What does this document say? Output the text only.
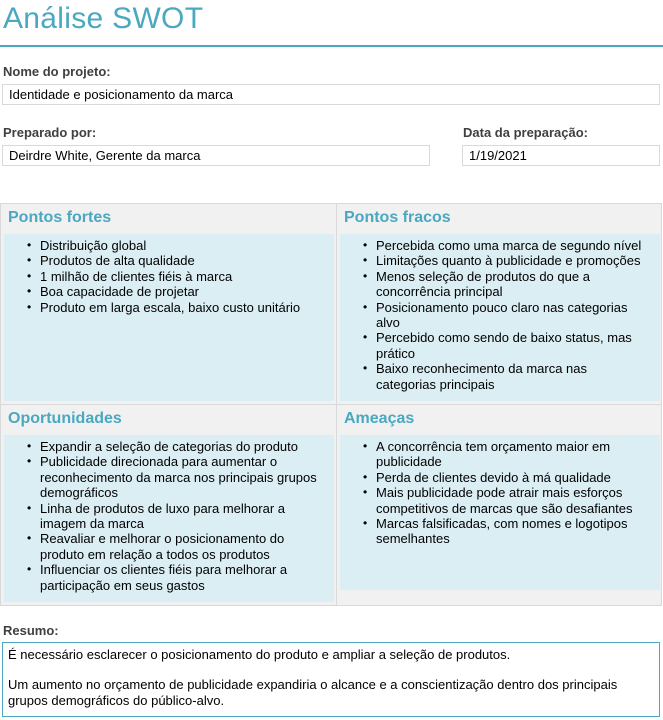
Análise SWOT
Nome do projeto:
Identidade e posicionamento da marca
Preparado por:
Deirdre White, Gerente da marca
Data da preparação:
1/19/2021
Pontos fortes
• Distribuição global
• Produtos de alta qualidade
• 1 milhão de clientes fiéis à marca
• Boa capacidade de projetar
• Produto em larga escala, baixo custo unitário
Pontos fracos
• Percebida como uma marca de segundo nível
• Limitações quanto à publicidade e promoções
• Menos seleção de produtos do que a concorrência principal
• Posicionamento pouco claro nas categorias alvo
• Percebido como sendo de baixo status, mas prático
• Baixo reconhecimento da marca nas categorias principais
Oportunidades
• Expandir a seleção de categorias do produto
• Publicidade direcionada para aumentar o reconhecimento da marca nos principais grupos demográficos
• Linha de produtos de luxo para melhorar a imagem da marca
• Reavaliar e melhorar o posicionamento do produto em relação a todos os produtos
• Influenciar os clientes fiéis para melhorar a participação em seus gastos
Ameaças
• A concorrência tem orçamento maior em publicidade
• Perda de clientes devido à má qualidade
• Mais publicidade pode atrair mais esforços competitivos de marcas que são desafiantes
• Marcas falsificadas, com nomes e logotipos semelhantes
Resumo:

É necessário esclarecer o posicionamento do produto e ampliar a seleção de produtos.

Um aumento no orçamento de publicidade expandiria o alcance e a conscientização dentro dos principais grupos demográficos do público-alvo.
